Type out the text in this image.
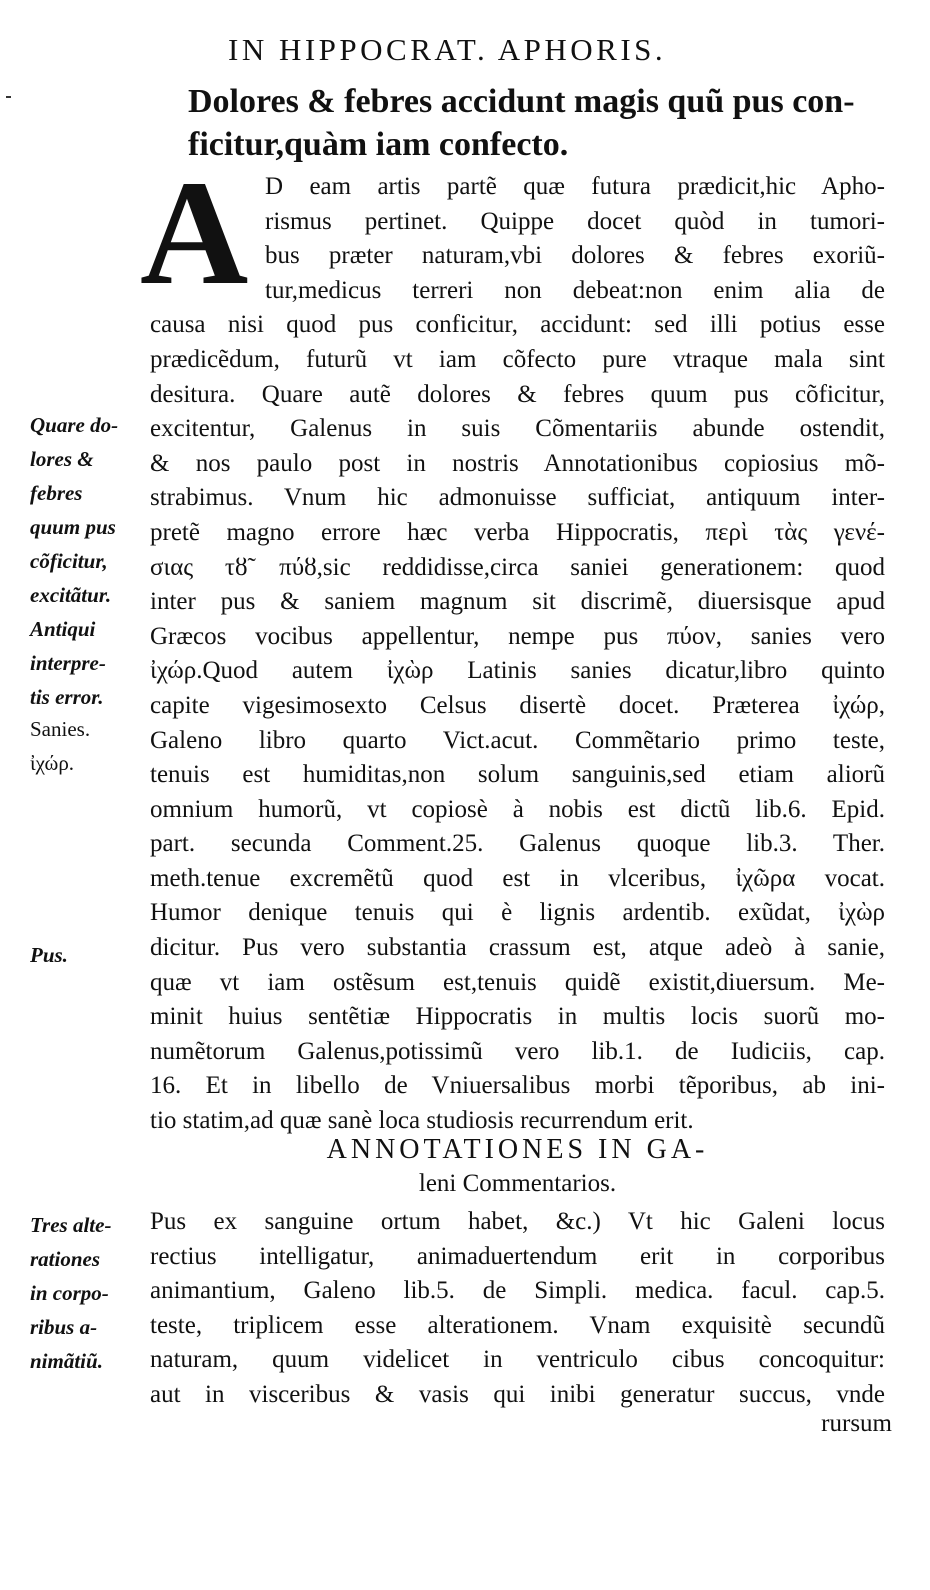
IN HIPPOCRAT. APHORIS.
Dolores & febres accidunt magis quũ pus con-
ficitur,quàm iam confecto.
A D eam artis partẽ quæ futura prædicit,hic Apho-
rismus pertinet. Quippe docet quòd in tumori-
bus præter naturam,vbi dolores & febres exoriũ-
tur,medicus terreri non debeat:non enim alia de
causa nisi quod pus conficitur, accidunt: sed illi potius esse
prædicẽdum, futurũ vt iam cõfecto pure vtraque mala sint
desitura. Quare autẽ dolores & febres quum pus cõficitur,
excitentur, Galenus in suis Cõmentariis abunde ostendit,
& nos paulo post in nostris Annotationibus copiosius mõ-
strabimus. Vnum hic admonuisse sufficiat, antiquum inter-
pretẽ magno errore hæc verba Hippocratis, περὶ τὰς γενέ-
σιας τȣ̃ πύȣ,sic reddidisse,circa saniei generationem: quod
inter pus & saniem magnum sit discrimẽ, diuersisque apud
Græcos vocibus appellentur, nempe pus πύον, sanies vero
ἰχώρ.Quod autem ἰχὼρ Latinis sanies dicatur,libro quinto
capite vigesimosexto Celsus disertè docet. Præterea ἰχώρ,
Galeno libro quarto Vict.acut. Commẽtario primo teste,
tenuis est humiditas,non solum sanguinis,sed etiam aliorũ
omnium humorũ, vt copiosè à nobis est dictũ lib.6. Epid.
part. secunda Comment.25. Galenus quoque lib.3. Ther.
meth.tenue excremẽtũ quod est in vlceribus, ἰχῶρα vocat.
Humor denique tenuis qui è lignis ardentib. exũdat, ἰχὼρ
dicitur. Pus vero substantia crassum est, atque adeò à sanie,
quæ vt iam ostẽsum est,tenuis quidẽ existit,diuersum. Me-
minit huius sentẽtiæ Hippocratis in multis locis suorũ mo-
numẽtorum Galenus,potissimũ vero lib.1. de Iudiciis, cap.
16. Et in libello de Vniuersalibus morbi tẽporibus, ab ini-
tio statim,ad quæ sanè loca studiosis recurrendum erit.
ANNOTATIONES IN GA-
leni Commentarios.
Pus ex sanguine ortum habet, &c.) Vt hic Galeni locus
rectius intelligatur, animaduertendum erit in corporibus
animantium, Galeno lib.5. de Simpli. medica. facul. cap.5.
teste, triplicem esse alterationem. Vnam exquisitè secundũ
naturam, quum videlicet in ventriculo cibus concoquitur:
aut in visceribus & vasis qui inibi generatur succus, vnde
rursum
Quare do-
lores &
febres
quum pus
cõficitur,
excitãtur.
Antiqui
interpre-
tis error.
Sanies.
ἰχώρ.
Pus.
Tres alte-
rationes
in corpo-
ribus a-
nimãtiũ.
